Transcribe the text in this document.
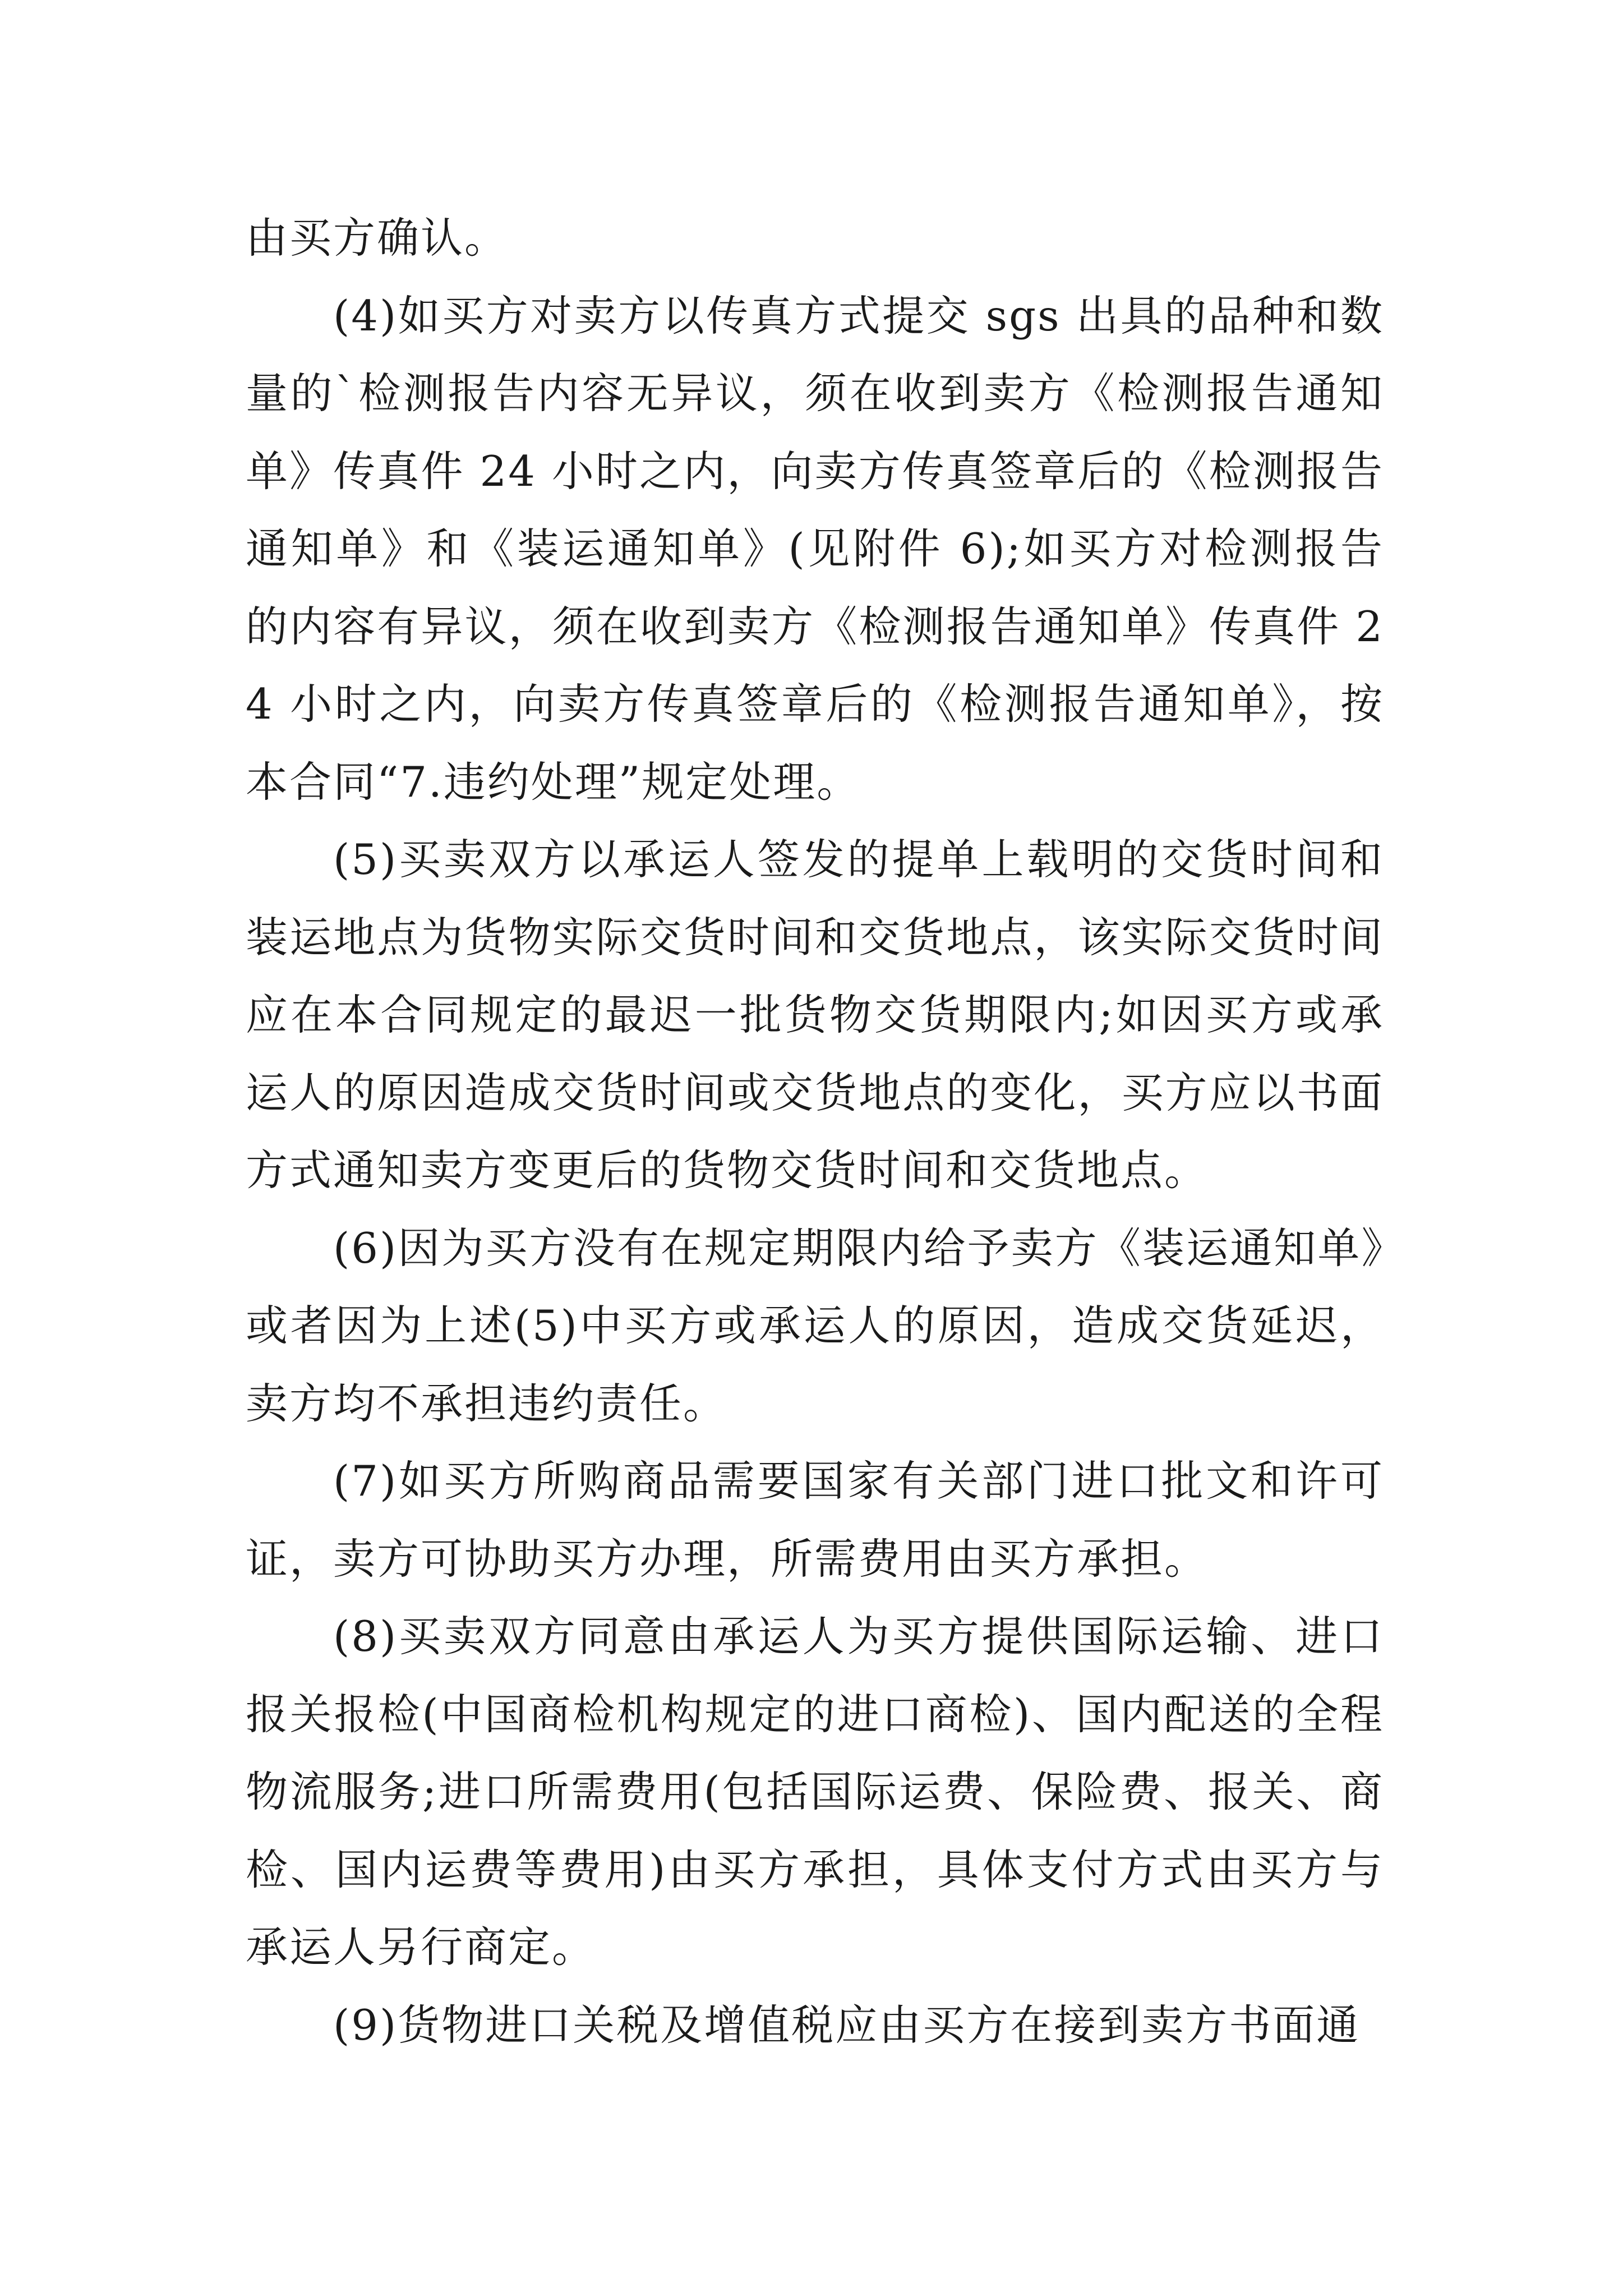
由买方确认。

(4)如买方对卖方以传真方式提交 sgs 出具的品种和数量的`检测报告内容无异议，须在收到卖方《检测报告通知单》传真件 24 小时之内，向卖方传真签章后的《检测报告通知单》和《装运通知单》(见附件 6);如买方对检测报告的内容有异议，须在收到卖方《检测报告通知单》传真件 24 小时之内，向卖方传真签章后的《检测报告通知单》，按本合同“7.违约处理”规定处理。

(5)买卖双方以承运人签发的提单上载明的交货时间和装运地点为货物实际交货时间和交货地点，该实际交货时间应在本合同规定的最迟一批货物交货期限内;如因买方或承运人的原因造成交货时间或交货地点的变化，买方应以书面方式通知卖方变更后的货物交货时间和交货地点。

(6)因为买方没有在规定期限内给予卖方《装运通知单》或者因为上述(5)中买方或承运人的原因，造成交货延迟，卖方均不承担违约责任。

(7)如买方所购商品需要国家有关部门进口批文和许可证，卖方可协助买方办理，所需费用由买方承担。

(8)买卖双方同意由承运人为买方提供国际运输、进口报关报检(中国商检机构规定的进口商检)、国内配送的全程物流服务;进口所需费用(包括国际运费、保险费、报关、商检、国内运费等费用)由买方承担，具体支付方式由买方与承运人另行商定。

(9)货物进口关税及增值税应由买方在接到卖方书面通
